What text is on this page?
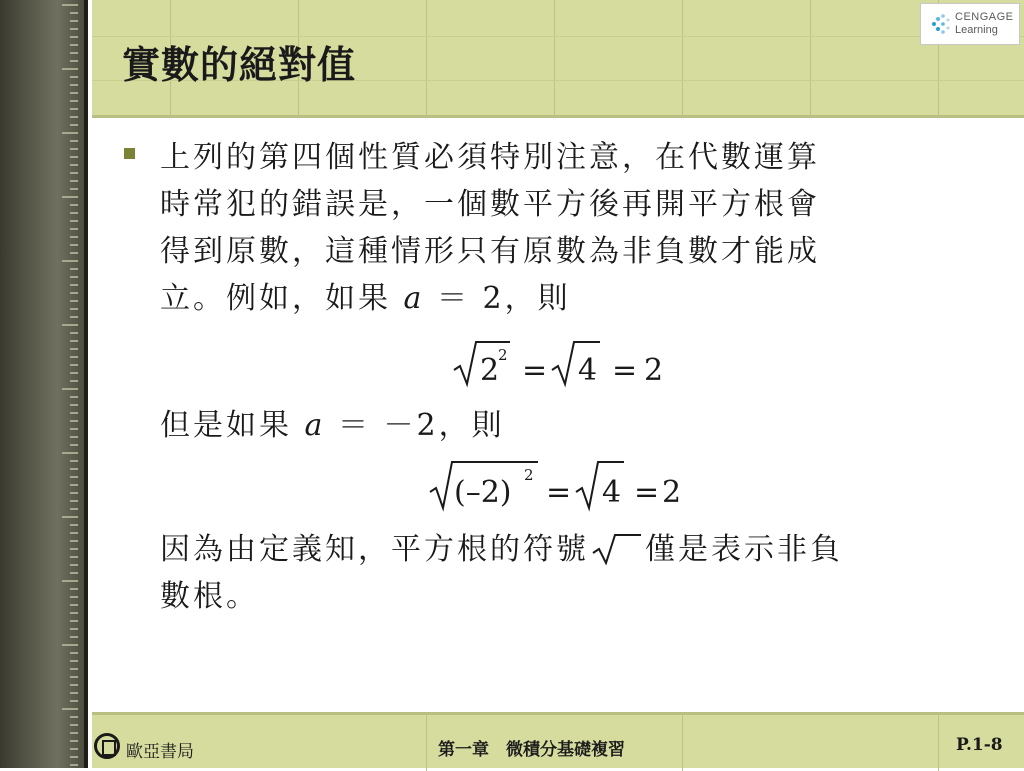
實數的絕對值
CENGAGE
Learning
上列的第四個性質必須特別注意，在代數運算
時常犯的錯誤是，一個數平方後再開平方根會
得到原數，這種情形只有原數為非負數才能成
立。例如，如果 a ＝ 2，則
2
2 = 4 = 2
但是如果 a ＝ －2，則
(–2) 2 = 4 = 2
因為由定義知，平方根的符號 僅是表示非負
數根。
歐亞書局	第一章　微積分基礎複習	P.1-8
